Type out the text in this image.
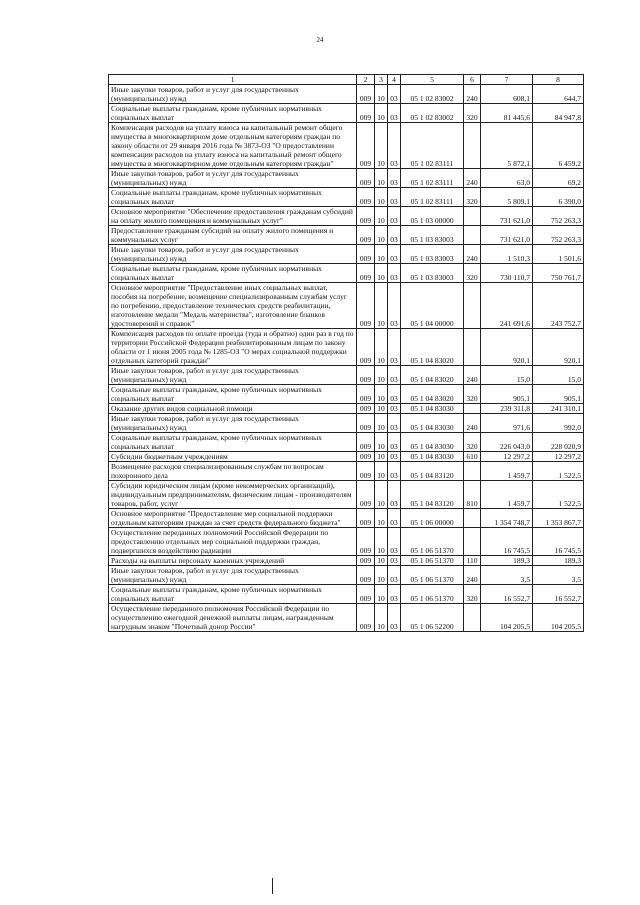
24
1	2	3	4	5	6	7	8
Иные закупки товаров, работ и услуг для государственных (муниципальных) нужд	009	10	03	05 1 02 83002	240	608,1	644,7
Социальные выплаты гражданам, кроме публичных нормативных социальных выплат	009	10	03	05 1 02 83002	320	81 445,6	84 947,8
Компенсация расходов на уплату взноса на капитальный ремонт общего имущества в многоквартирном доме отдельным категориям граждан по закону области от 29 января 2016 года № 3873-ОЗ "О предоставлении компенсации расходов на уплату взноса на капитальный ремонт общего имущества в многоквартирном доме отдельным категориям граждан"	009	10	03	05 1 02 83111		5 872,1	6 459,2
Иные закупки товаров, работ и услуг для государственных (муниципальных) нужд	009	10	03	05 1 02 83111	240	63,0	69,2
Социальные выплаты гражданам, кроме публичных нормативных социальных выплат	009	10	03	05 1 02 83111	320	5 809,1	6 390,0
Основное мероприятие "Обеспечение предоставления гражданам субсидий на оплату жилого помещения и коммунальных услуг"	009	10	03	05 1 03 00000		731 621,0	752 263,3
Предоставление гражданам субсидий на оплату жилого помещения и коммунальных услуг	009	10	03	05 1 03 83003		731 621,0	752 263,3
Иные закупки товаров, работ и услуг для государственных (муниципальных) нужд	009	10	03	05 1 03 83003	240	1 510,3	1 501,6
Социальные выплаты гражданам, кроме публичных нормативных социальных выплат	009	10	03	05 1 03 83003	320	730 110,7	750 761,7
Основное мероприятие "Предоставление иных социальных выплат, пособия на погребение, возмещение специализированным службам услуг по погребению, предоставление технических средств реабилитации, изготовление медали "Медаль материнства", изготовление бланков удостоверений и справок"	009	10	03	05 1 04 00000		241 691,6	243 752,7
Компенсация расходов по оплате проезда (туда и обратно) один раз в год по территории Российской Федерации реабилитированным лицам по закону области от 1 июня 2005 года № 1285-ОЗ "О мерах социальной поддержки отдельных категорий граждан"	009	10	03	05 1 04 83020		920,1	920,1
Иные закупки товаров, работ и услуг для государственных (муниципальных) нужд	009	10	03	05 1 04 83020	240	15,0	15,0
Социальные выплаты гражданам, кроме публичных нормативных социальных выплат	009	10	03	05 1 04 83020	320	905,1	905,1
Оказание других видов социальной помощи	009	10	03	05 1 04 83030		239 311,8	241 310,1
Иные закупки товаров, работ и услуг для государственных (муниципальных) нужд	009	10	03	05 1 04 83030	240	971,6	992,0
Социальные выплаты гражданам, кроме публичных нормативных социальных выплат	009	10	03	05 1 04 83030	320	226 043,0	228 020,9
Субсидии бюджетным учреждениям	009	10	03	05 1 04 83030	610	12 297,2	12 297,2
Возмещение расходов специализированным службам по вопросам похоронного дела	009	10	03	05 1 04 83120		1 459,7	1 522,5
Субсидии юридическим лицам (кроме некоммерческих организаций), индивидуальным предпринимателям, физическим лицам - производителям товаров, работ, услуг	009	10	03	05 1 04 83120	810	1 459,7	1 522,5
Основное мероприятие "Предоставление мер социальной поддержки отдельным категориям граждан за счет средств федерального бюджета"	009	10	03	05 1 06 00000		1 354 748,7	1 353 867,7
Осуществление переданных полномочий Российской Федерации по предоставлению отдельных мер социальной поддержки граждан, подвергшихся воздействию радиации	009	10	03	05 1 06 51370		16 745,5	16 745,5
Расходы на выплаты персоналу казенных учреждений	009	10	03	05 1 06 51370	110	189,3	189,3
Иные закупки товаров, работ и услуг для государственных (муниципальных) нужд	009	10	03	05 1 06 51370	240	3,5	3,5
Социальные выплаты гражданам, кроме публичных нормативных социальных выплат	009	10	03	05 1 06 51370	320	16 552,7	16 552,7
Осуществление переданного полномочия Российской Федерации по осуществлению ежегодной денежной выплаты лицам, награжденным нагрудным знаком "Почетный донор России"	009	10	03	05 1 06 52200		104 205,5	104 205,5
